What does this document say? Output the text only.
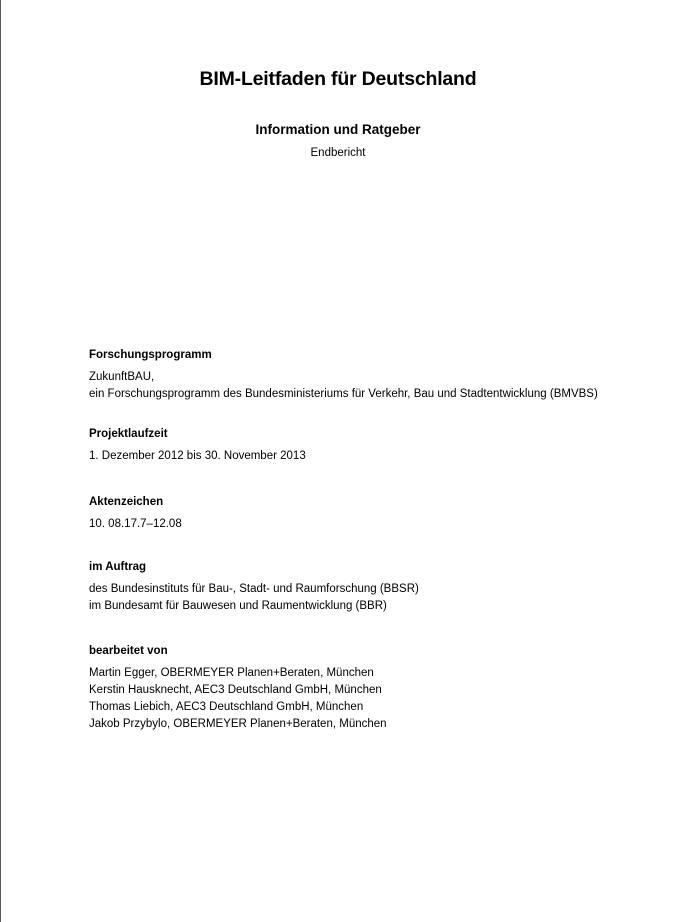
BIM-Leitfaden für Deutschland
Information und Ratgeber
Endbericht
Forschungsprogramm
ZukunftBAU,
ein Forschungsprogramm des Bundesministeriums für Verkehr, Bau und Stadtentwicklung (BMVBS)
Projektlaufzeit
1. Dezember 2012 bis 30. November 2013
Aktenzeichen
10. 08.17.7–12.08
im Auftrag
des Bundesinstituts für Bau-, Stadt- und Raumforschung (BBSR)
im Bundesamt für Bauwesen und Raumentwicklung (BBR)
bearbeitet von
Martin Egger, OBERMEYER Planen+Beraten, München
Kerstin Hausknecht, AEC3 Deutschland GmbH, München
Thomas Liebich, AEC3 Deutschland GmbH, München
Jakob Przybylo, OBERMEYER Planen+Beraten, München
